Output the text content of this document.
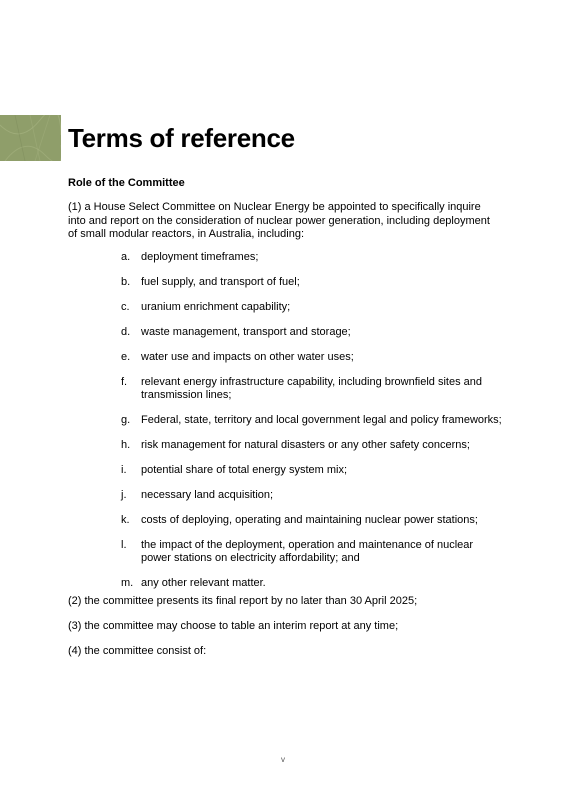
Terms of reference

Role of the Committee

(1) a House Select Committee on Nuclear Energy be appointed to specifically inquire into and report on the consideration of nuclear power generation, including deployment of small modular reactors, in Australia, including:

a. deployment timeframes;
b. fuel supply, and transport of fuel;
c. uranium enrichment capability;
d. waste management, transport and storage;
e. water use and impacts on other water uses;
f. relevant energy infrastructure capability, including brownfield sites and transmission lines;
g. Federal, state, territory and local government legal and policy frameworks;
h. risk management for natural disasters or any other safety concerns;
i. potential share of total energy system mix;
j. necessary land acquisition;
k. costs of deploying, operating and maintaining nuclear power stations;
l. the impact of the deployment, operation and maintenance of nuclear power stations on electricity affordability; and
m. any other relevant matter.

(2) the committee presents its final report by no later than 30 April 2025;

(3) the committee may choose to table an interim report at any time;

(4) the committee consist of:

v
